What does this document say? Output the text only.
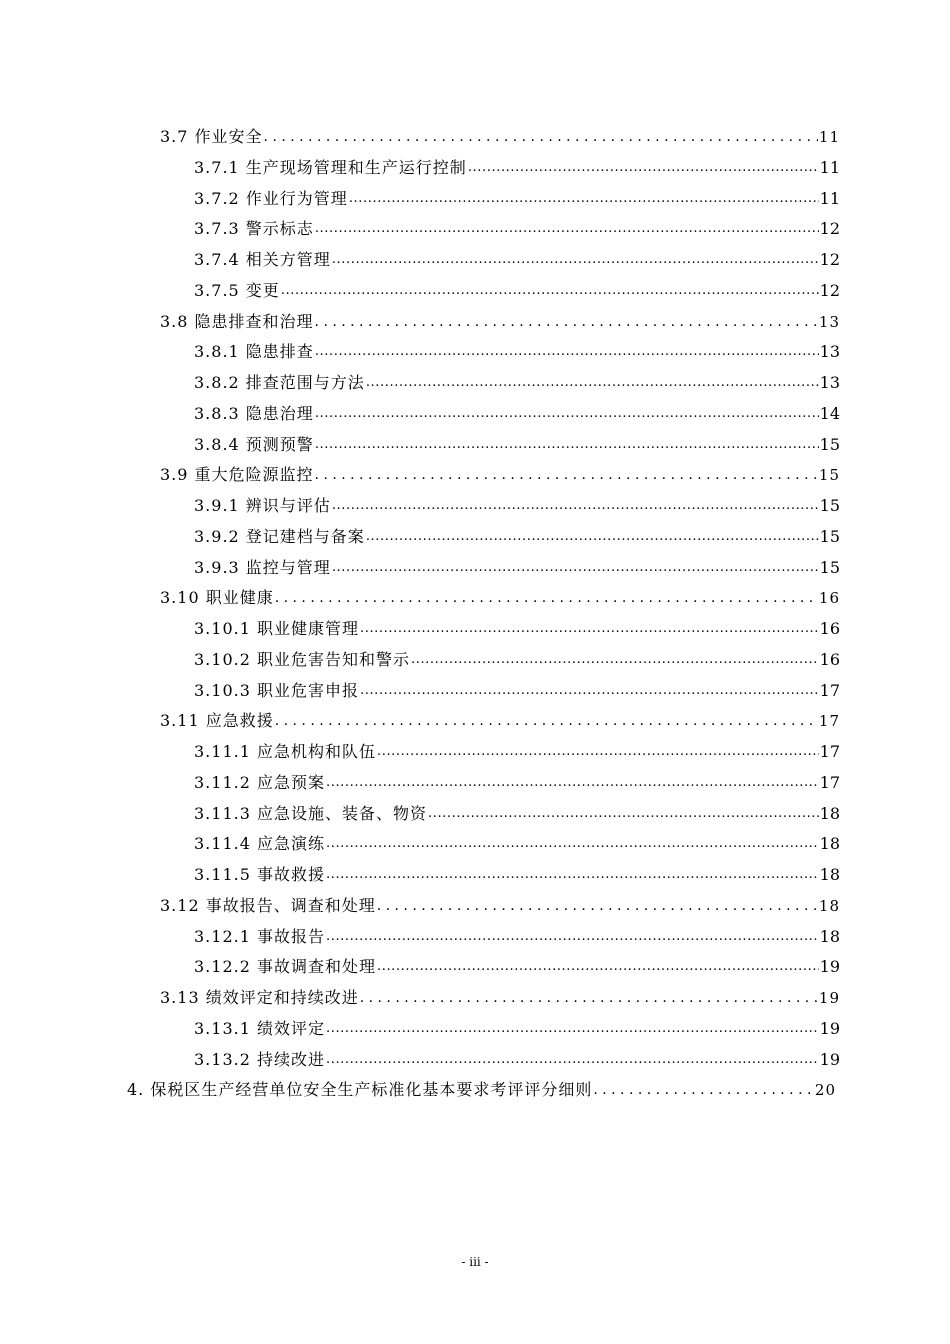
3.7 作业安全 . . .	11
3.7.1 生产现场管理和生产运行控制 .....	11
3.7.2 作业行为管理 .....	11
3.7.3 警示标志 .....	12
3.7.4 相关方管理 .....	12
3.7.5 变更 .....	12
3.8 隐患排查和治理 . . .	13
3.8.1 隐患排查 .....	13
3.8.2 排查范围与方法 .....	13
3.8.3 隐患治理 .....	14
3.8.4 预测预警 .....	15
3.9 重大危险源监控 . . .	15
3.9.1 辨识与评估 .....	15
3.9.2 登记建档与备案 .....	15
3.9.3 监控与管理 .....	15
3.10 职业健康 . . .	16
3.10.1 职业健康管理 .....	16
3.10.2 职业危害告知和警示 .....	16
3.10.3 职业危害申报 .....	17
3.11 应急救援 . . .	17
3.11.1 应急机构和队伍 .....	17
3.11.2 应急预案 .....	17
3.11.3 应急设施、装备、物资 .....	18
3.11.4 应急演练 .....	18
3.11.5 事故救援 .....	18
3.12 事故报告、调查和处理 . . .	18
3.12.1 事故报告 .....	18
3.12.2 事故调查和处理 .....	19
3.13 绩效评定和持续改进 . . .	19
3.13.1 绩效评定 .....	19
3.13.2 持续改进 .....	19
4. 保税区生产经营单位安全生产标准化基本要求考评评分细则 . . .	20
- iii -
